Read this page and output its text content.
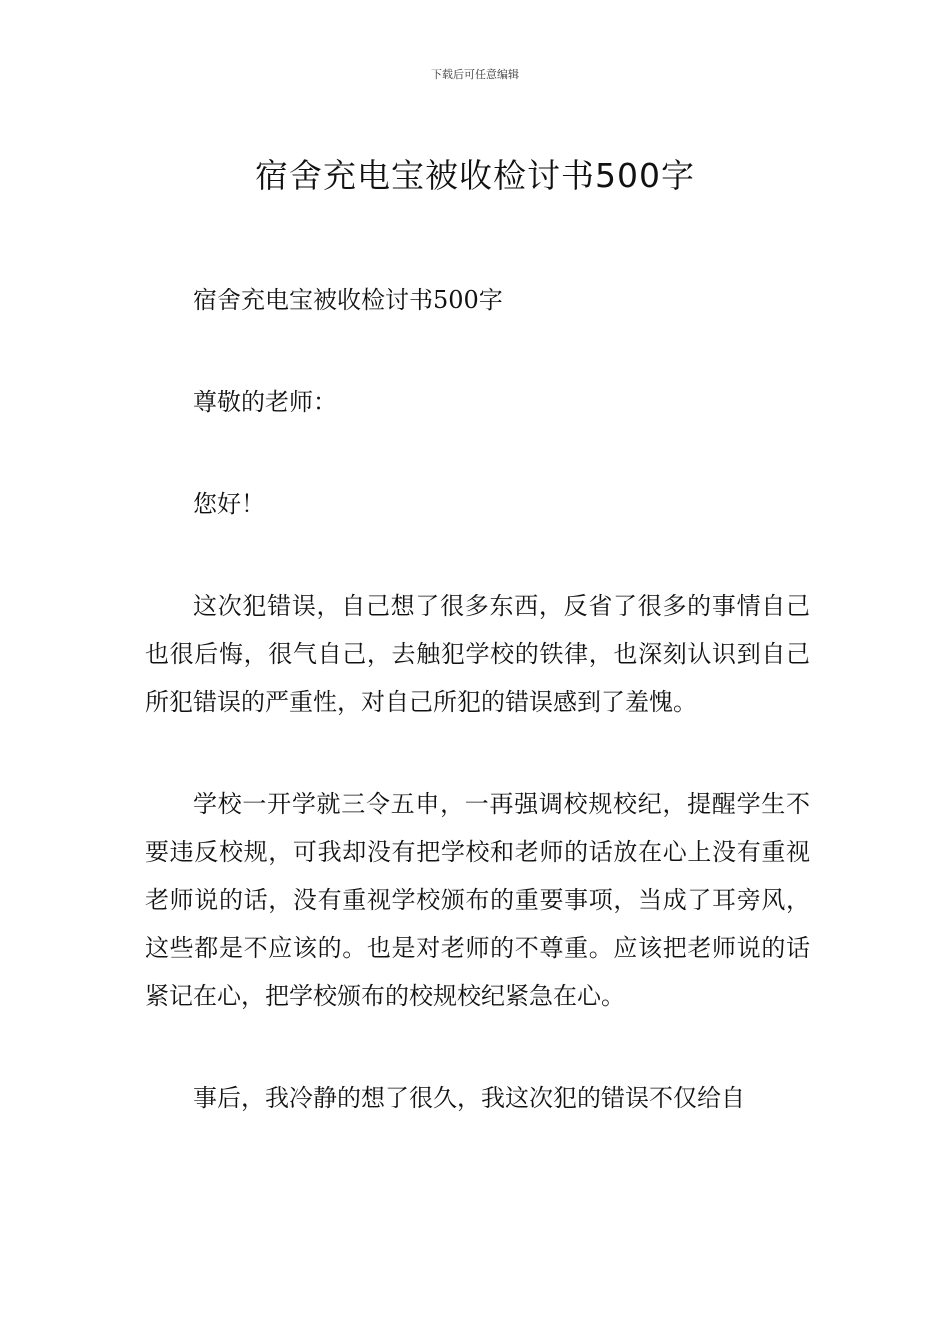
下载后可任意编辑
宿舍充电宝被收检讨书500字

宿舍充电宝被收检讨书500字

尊敬的老师：

您好！

这次犯错误，自己想了很多东西，反省了很多的事情自己也很后悔，很气自己，去触犯学校的铁律，也深刻认识到自己所犯错误的严重性，对自己所犯的错误感到了羞愧。

学校一开学就三令五申，一再强调校规校纪，提醒学生不要违反校规，可我却没有把学校和老师的话放在心上没有重视老师说的话，没有重视学校颁布的重要事项，当成了耳旁风，这些都是不应该的。也是对老师的不尊重。应该把老师说的话紧记在心，把学校颁布的校规校纪紧急在心。

事后，我冷静的想了很久，我这次犯的错误不仅给自
